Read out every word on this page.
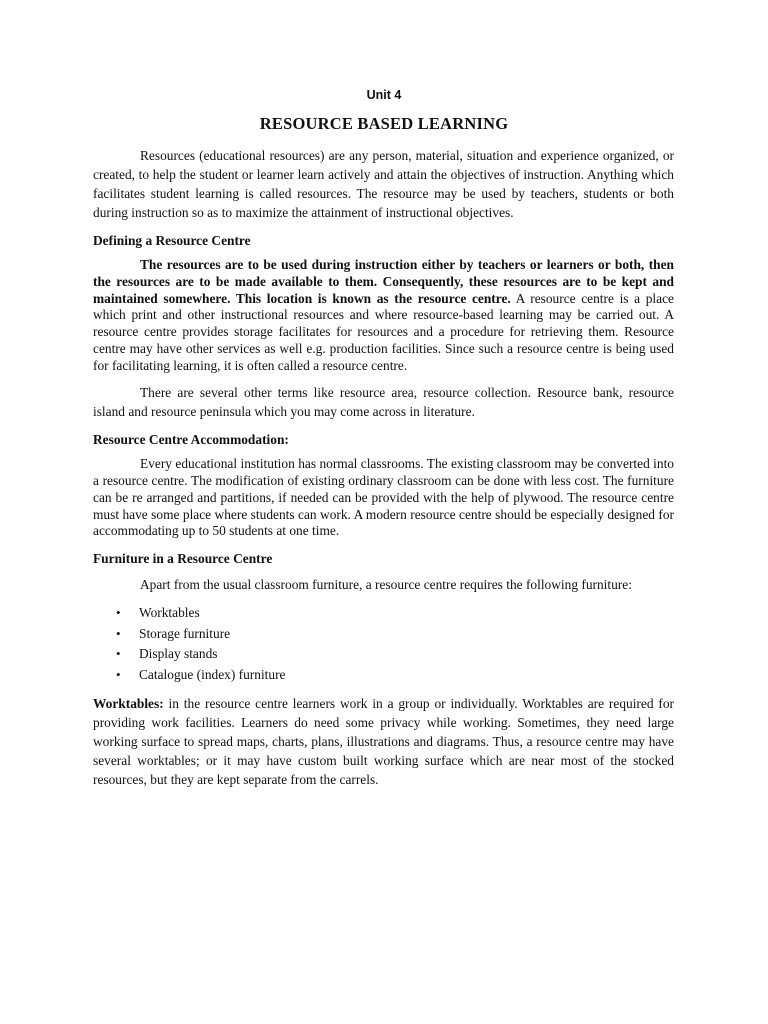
Unit 4
RESOURCE BASED LEARNING

Resources (educational resources) are any person, material, situation and experience organized, or created, to help the student or learner learn actively and attain the objectives of instruction. Anything which facilitates student learning is called resources. The resource may be used by teachers, students or both during instruction so as to maximize the attainment of instructional objectives.

Defining a Resource Centre

The resources are to be used during instruction either by teachers or learners or both, then the resources are to be made available to them. Consequently, these resources are to be kept and maintained somewhere. This location is known as the resource centre. A resource centre is a place which print and other instructional resources and where resource-based learning may be carried out. A resource centre provides storage facilitates for resources and a procedure for retrieving them. Resource centre may have other services as well e.g. production facilities. Since such a resource centre is being used for facilitating learning, it is often called a resource centre.

There are several other terms like resource area, resource collection. Resource bank, resource island and resource peninsula which you may come across in literature.

Resource Centre Accommodation:

Every educational institution has normal classrooms. The existing classroom may be converted into a resource centre. The modification of existing ordinary classroom can be done with less cost. The furniture can be re arranged and partitions, if needed can be provided with the help of plywood. The resource centre must have some place where students can work. A modern resource centre should be especially designed for accommodating up to 50 students at one time.

Furniture in a Resource Centre

Apart from the usual classroom furniture, a resource centre requires the following furniture:

• Worktables
• Storage furniture
• Display stands
• Catalogue (index) furniture

Worktables: in the resource centre learners work in a group or individually. Worktables are required for providing work facilities. Learners do need some privacy while working. Sometimes, they need large working surface to spread maps, charts, plans, illustrations and diagrams. Thus, a resource centre may have several worktables; or it may have custom built working surface which are near most of the stocked resources, but they are kept separate from the carrels.
